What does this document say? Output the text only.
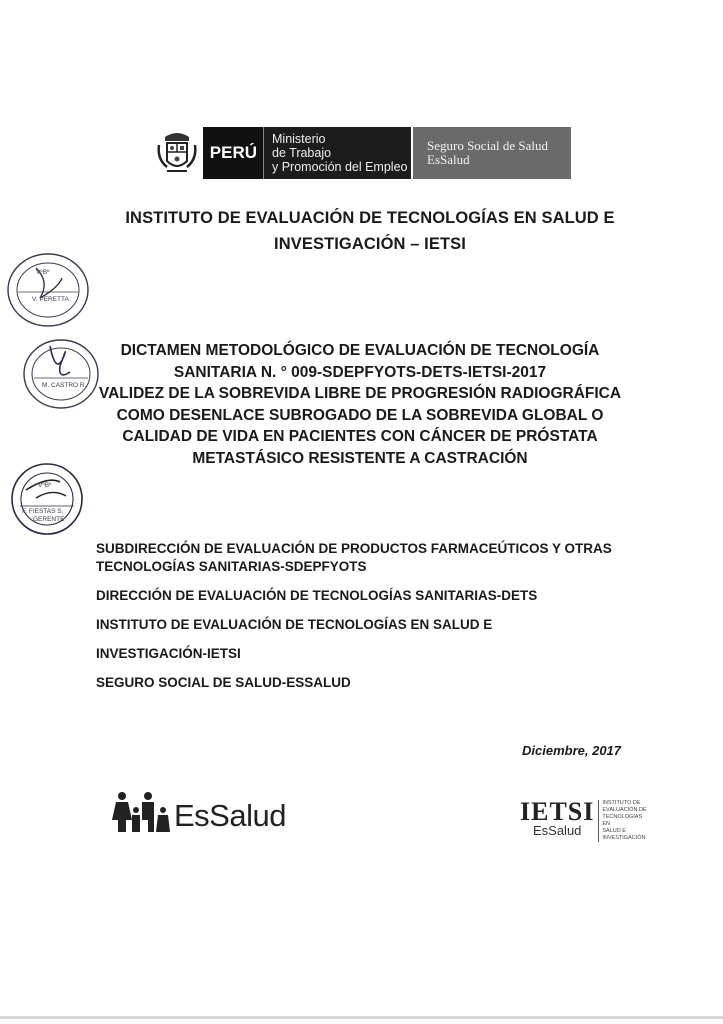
PERÚ
Ministerio
de Trabajo
y Promoción del Empleo
Seguro Social de Salud
EsSalud
INSTITUTO DE EVALUACIÓN DE TECNOLOGÍAS EN SALUD E
INVESTIGACIÓN – IETSI
VºBº
V. PERETTA
M. CASTRO R.
VºBº
F. FIESTAS S.
GERENTE
DICTAMEN METODOLÓGICO DE EVALUACIÓN DE TECNOLOGÍA
SANITARIA N. ° 009-SDEPFYOTS-DETS-IETSI-2017
VALIDEZ DE LA SOBREVIDA LIBRE DE PROGRESIÓN RADIOGRÁFICA
COMO DESENLACE SUBROGADO DE LA SOBREVIDA GLOBAL O
CALIDAD DE VIDA EN PACIENTES CON CÁNCER DE PRÓSTATA
METASTÁSICO RESISTENTE A CASTRACIÓN
SUBDIRECCIÓN DE EVALUACIÓN DE PRODUCTOS FARMACEÚTICOS Y OTRAS TECNOLOGÍAS SANITARIAS-SDEPFYOTS
DIRECCIÓN DE EVALUACIÓN DE TECNOLOGÍAS SANITARIAS-DETS
INSTITUTO DE EVALUACIÓN DE TECNOLOGÍAS EN SALUD E
INVESTIGACIÓN-IETSI
SEGURO SOCIAL DE SALUD-ESSALUD
Diciembre, 2017
EsSalud	IETSI
EsSalud
INSTITUTO DE
EVALUACIÓN DE
TECNOLOGÍAS EN
SALUD E
INVESTIGACIÓN
